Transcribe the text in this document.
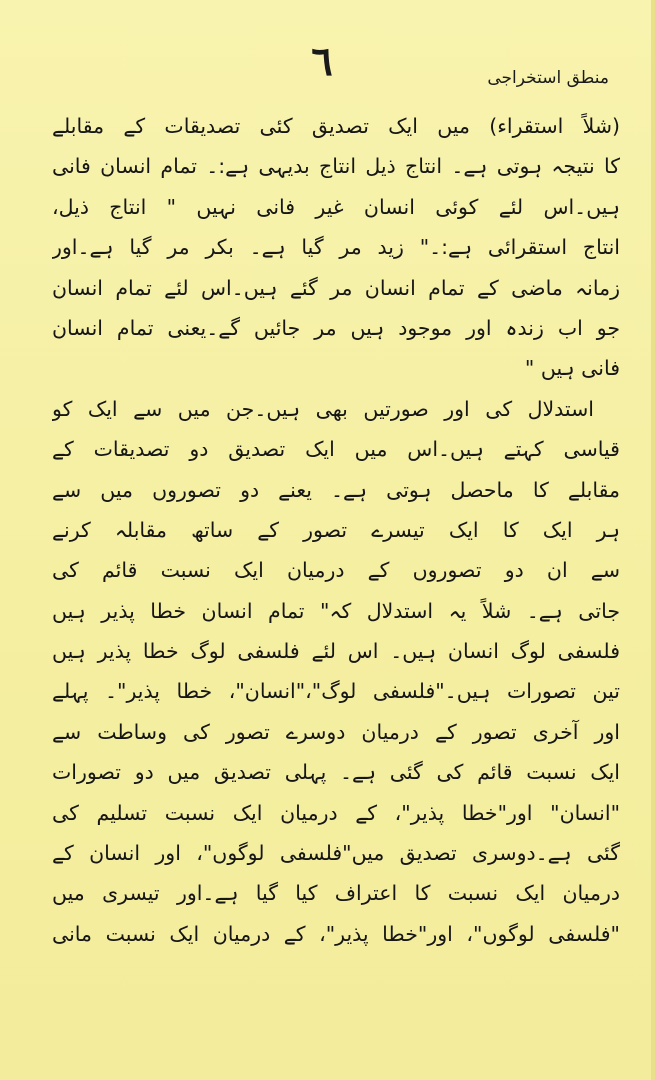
٦	منطق استخراجی
(شلاً استقراء) میں ایک تصدیق کئی تصدیقات کے مقابلے
کا نتیجہ ہوتی ہے۔ انتاج ذیل انتاج بدیہی ہے:۔ تمام انسان فانی
ہیں۔اس لئے کوئی انسان غیر فانی نہیں " انتاج ذیل،
انتاج استقرائی ہے:۔" زید مر گیا ہے۔ بکر مر گیا ہے۔اور
زمانہ ماضی کے تمام انسان مر گئے ہیں۔اس لئے تمام انسان
جو اب زندہ اور موجود ہیں مر جائیں گے۔یعنی تمام انسان
فانی ہیں "
استدلال کی اور صورتیں بھی ہیں۔جن میں سے ایک کو
قیاسی کہتے ہیں۔اس میں ایک تصدیق دو تصدیقات کے
مقابلے کا ماحصل ہوتی ہے۔ یعنے دو تصوروں میں سے
ہر ایک کا ایک تیسرے تصور کے ساتھ مقابلہ کرنے
سے ان دو تصوروں کے درمیان ایک نسبت قائم کی
جاتی ہے۔ شلاً یہ استدلال کہ" تمام انسان خطا پذیر ہیں
فلسفی لوگ انسان ہیں۔ اس لئے فلسفی لوگ خطا پذیر ہیں
تین تصورات ہیں۔"فلسفی لوگ"،"انسان"، خطا پذیر"۔ پہلے
اور آخری تصور کے درمیان دوسرے تصور کی وساطت سے
ایک نسبت قائم کی گئی ہے۔ پہلی تصدیق میں دو تصورات
"انسان" اور"خطا پذیر"، کے درمیان ایک نسبت تسلیم کی
گئی ہے۔دوسری تصدیق میں"فلسفی لوگوں"، اور انسان کے
درمیان ایک نسبت کا اعتراف کیا گیا ہے۔اور تیسری میں
"فلسفی لوگوں"، اور"خطا پذیر"، کے درمیان ایک نسبت مانی
